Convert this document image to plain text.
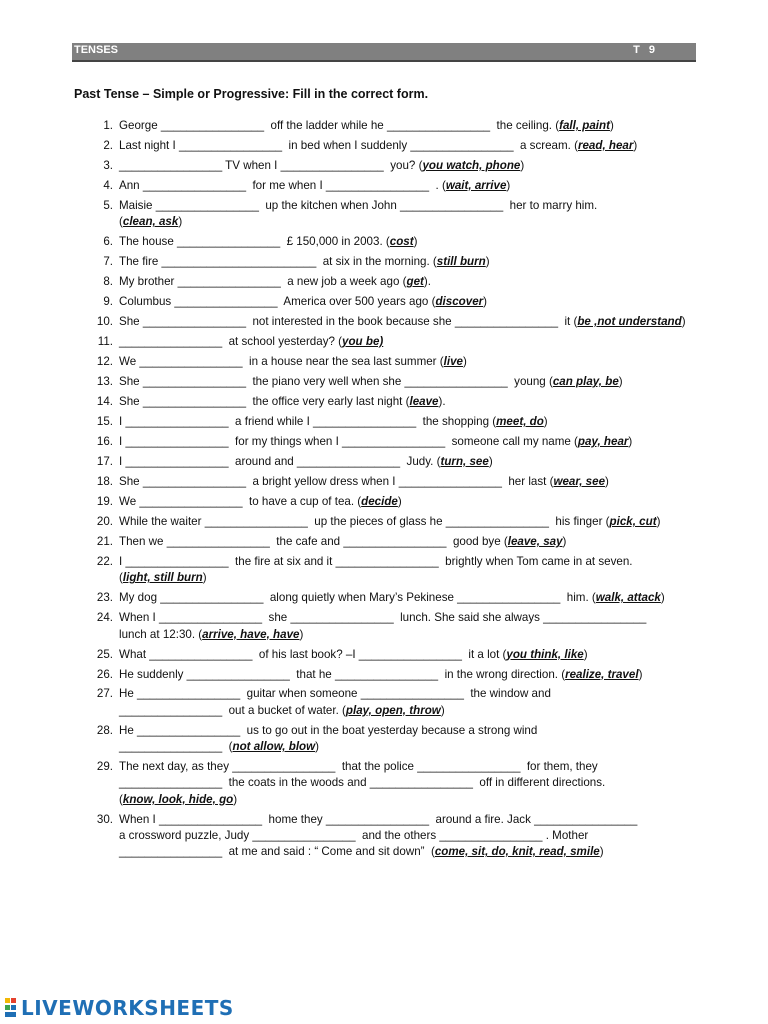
TENSES	T 9
Past Tense – Simple or Progressive: Fill in the correct form.
1. George ________________  off the ladder while he ________________  the ceiling. (fall, paint)
2. Last night I ________________  in bed when I suddenly ________________  a scream. (read, hear)
3. ________________ TV when I ________________  you? (you watch, phone)
4. Ann ________________  for me when I ________________  . (wait, arrive)
5. Maisie ________________  up the kitchen when John ________________  her to marry him.
(clean, ask)
6. The house ________________  £ 150,000 in 2003. (cost)
7. The fire ________________________  at six in the morning. (still burn)
8. My brother ________________  a new job a week ago (get).
9. Columbus ________________  America over 500 years ago (discover)
10. She ________________  not interested in the book because she ________________  it (be ,not understand)
11. ________________  at school yesterday? (you be)
12. We ________________  in a house near the sea last summer (live)
13. She ________________  the piano very well when she ________________  young (can play, be)
14. She ________________  the office very early last night (leave).
15. I ________________  a friend while I ________________  the shopping (meet, do)
16. I ________________  for my things when I ________________  someone call my name (pay, hear)
17. I ________________  around and ________________  Judy. (turn, see)
18. She ________________  a bright yellow dress when I ________________  her last (wear, see)
19. We ________________  to have a cup of tea. (decide)
20. While the waiter ________________  up the pieces of glass he ________________  his finger (pick, cut)
21. Then we ________________  the cafe and ________________  good bye (leave, say)
22. I ________________  the fire at six and it ________________  brightly when Tom came in at seven.
(light, still burn)
23. My dog ________________  along quietly when Mary’s Pekinese ________________  him. (walk, attack)
24. When I ________________  she ________________  lunch. She said she always ________________
lunch at 12:30. (arrive, have, have)
25. What ________________  of his last book? –I ________________  it a lot (you think, like)
26. He suddenly ________________  that he ________________  in the wrong direction. (realize, travel)
27. He ________________  guitar when someone ________________  the window and
________________  out a bucket of water. (play, open, throw)
28. He ________________  us to go out in the boat yesterday because a strong wind
________________  (not allow, blow)
29. The next day, as they ________________  that the police ________________  for them, they
________________  the coats in the woods and ________________  off in different directions.
(know, look, hide, go)
30. When I ________________  home they ________________  around a fire. Jack ________________
a crossword puzzle, Judy ________________  and the others ________________ . Mother
________________  at me and said : “ Come and sit down”  (come, sit, do, knit, read, smile)
LIVEWORKSHEETS
